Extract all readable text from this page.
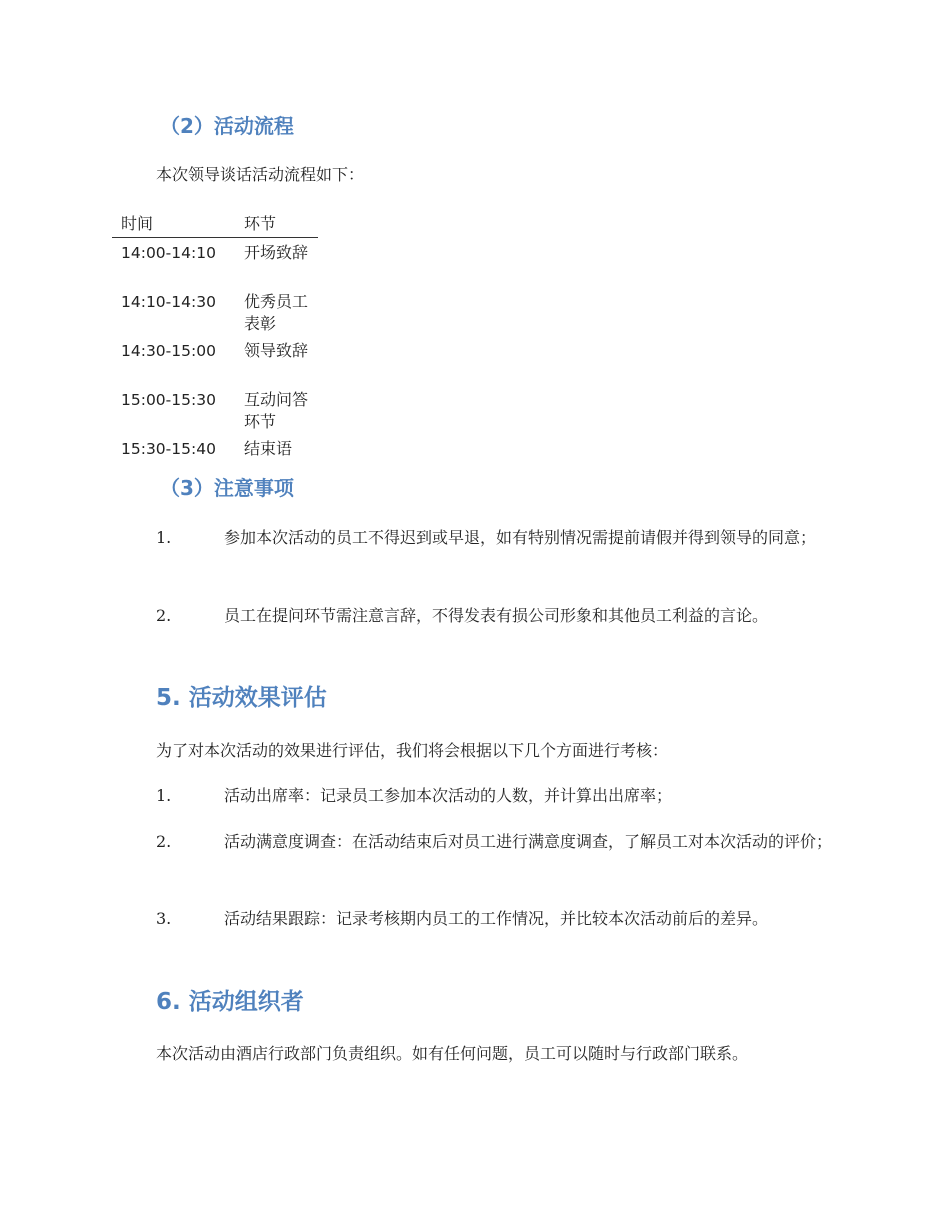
（2）活动流程

本次领导谈话活动流程如下：

时间	环节
14:00-14:10	开场致辞
14:10-14:30	优秀员工表彰
14:30-15:00	领导致辞
15:00-15:30	互动问答环节
15:30-15:40	结束语
（3）注意事项

1.	参加本次活动的员工不得迟到或早退，如有特别情况需提前请假并得到领导的同意；

2.	员工在提问环节需注意言辞，不得发表有损公司形象和其他员工利益的言论。

5. 活动效果评估

为了对本次活动的效果进行评估，我们将会根据以下几个方面进行考核：

1.	活动出席率：记录员工参加本次活动的人数，并计算出出席率；

2.	活动满意度调查：在活动结束后对员工进行满意度调查，了解员工对本次活动的评价；

3.	活动结果跟踪：记录考核期内员工的工作情况，并比较本次活动前后的差异。

6. 活动组织者

本次活动由酒店行政部门负责组织。如有任何问题，员工可以随时与行政部门联系。
